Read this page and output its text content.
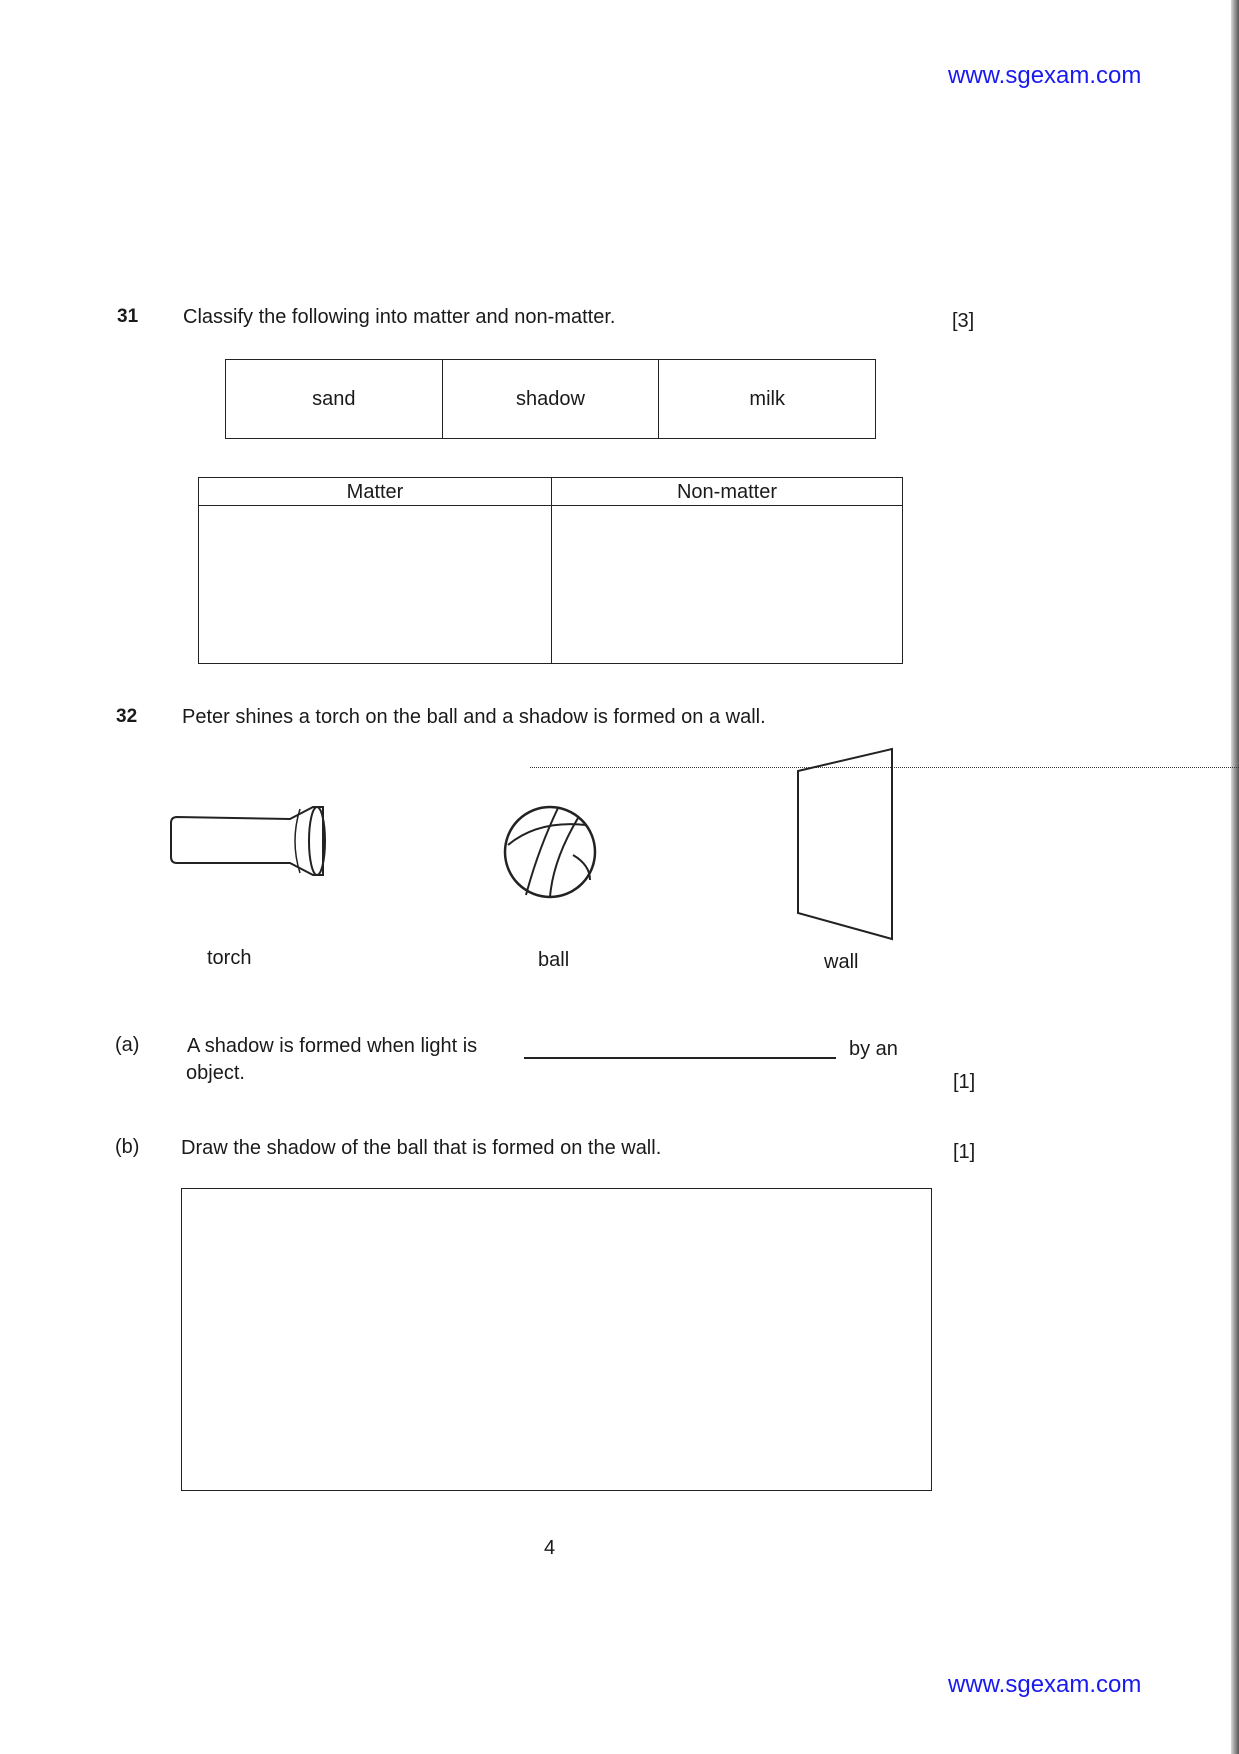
www.sgexam.com
31 Classify the following into matter and non-matter.	[3]
sand	shadow	milk
Matter	Non-matter
32 Peter shines a torch on the ball and a shadow is formed on a wall.
torch	ball	wall
(a) A shadow is formed when light is	by an
object.	[1]
(b) Draw the shadow of the ball that is formed on the wall.	[1]
4
www.sgexam.com
